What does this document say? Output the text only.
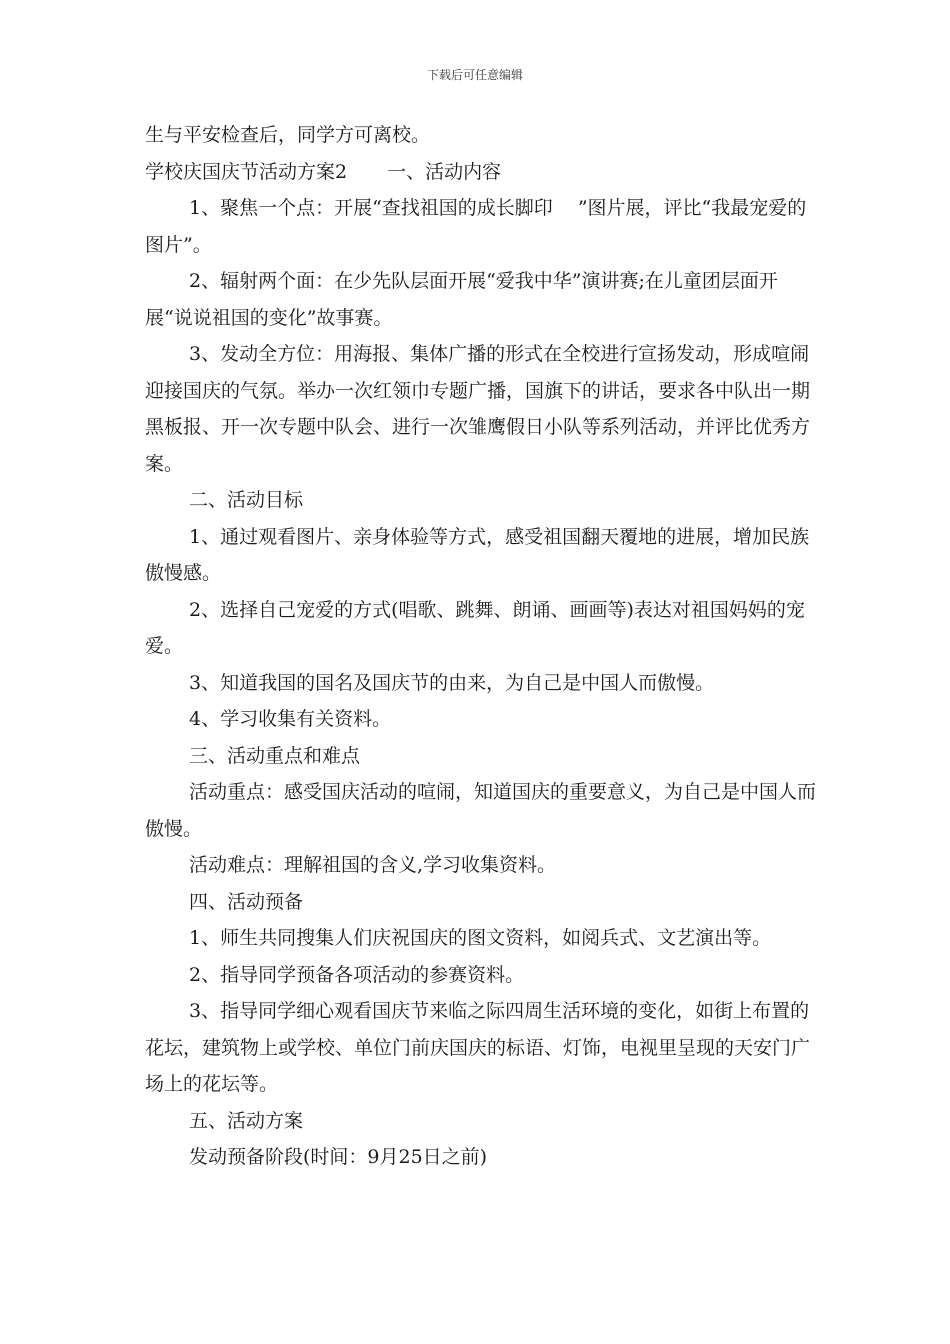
下载后可任意编辑

生与平安检查后，同学方可离校。

学校庆国庆节活动方案2 一、活动内容

1、聚焦一个点：开展“查找祖国的成长脚印　 ”图片展，评比“我最宠爱的图片”。

2、辐射两个面：在少先队层面开展“爱我中华”演讲赛;在儿童团层面开展“说说祖国的变化”故事赛。

3、发动全方位：用海报、集体广播的形式在全校进行宣扬发动，形成喧闹迎接国庆的气氛。举办一次红领巾专题广播，国旗下的讲话，要求各中队出一期黑板报、开一次专题中队会、进行一次雏鹰假日小队等系列活动，并评比优秀方案。

二、活动目标

1、通过观看图片、亲身体验等方式，感受祖国翻天覆地的进展，增加民族傲慢感。

2、选择自己宠爱的方式(唱歌、跳舞、朗诵、画画等)表达对祖国妈妈的宠爱。

3、知道我国的国名及国庆节的由来，为自己是中国人而傲慢。

4、学习收集有关资料。

三、活动重点和难点

活动重点：感受国庆活动的喧闹，知道国庆的重要意义，为自己是中国人而傲慢。

活动难点：理解祖国的含义,学习收集资料。

四、活动预备

1、师生共同搜集人们庆祝国庆的图文资料，如阅兵式、文艺演出等。

2、指导同学预备各项活动的参赛资料。

3、指导同学细心观看国庆节来临之际四周生活环境的变化，如街上布置的花坛，建筑物上或学校、单位门前庆国庆的标语、灯饰，电视里呈现的天安门广场上的花坛等。

五、活动方案

发动预备阶段(时间：9月25日之前)
